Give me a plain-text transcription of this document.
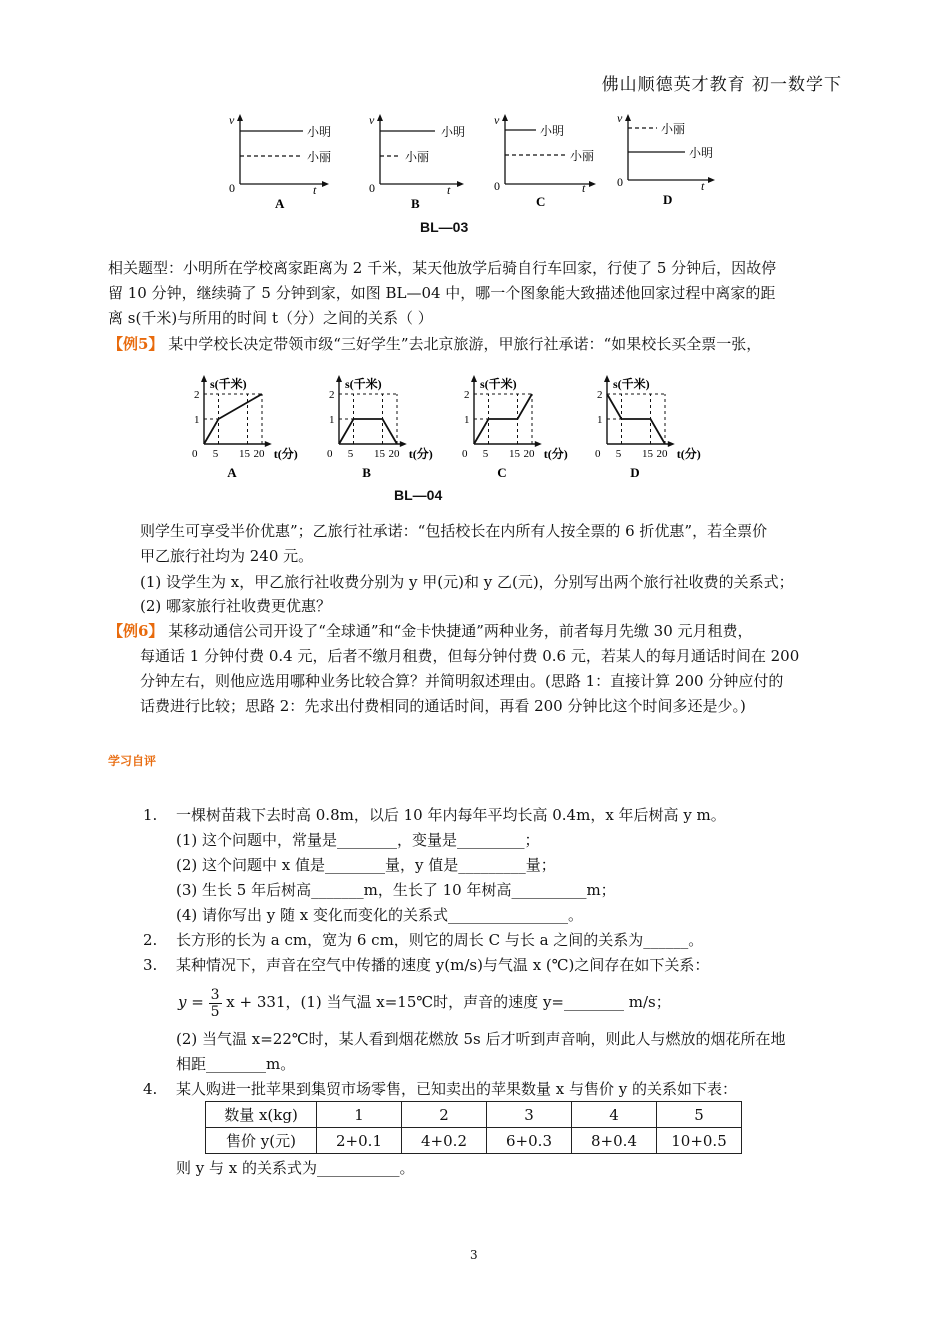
佛山顺德英才教育 初一数学下
v
0	t
小明
小丽
A
v
0	t
小明
小丽
B
v
0	t
小明
小丽
C
v
0	t
小丽
小明
D
BL—03
相关题型：小明所在学校离家距离为 2 千米，某天他放学后骑自行车回家，行使了 5 分钟后，因故停
留 10 分钟，继续骑了 5 分钟到家，如图 BL—04 中，哪一个图象能大致描述他回家过程中离家的距
离 s(千米)与所用的时间 t（分）之间的关系（ ）
【例5】 某中学校长决定带领市级“三好学生”去北京旅游，甲旅行社承诺：“如果校长买全票一张，
s(千米)
2
1
0 5 15 20 t(分)
A
s(千米)
2
1
0 5 15 20 t(分)
B
s(千米)
2
1
0 5 15 20 t(分)
C
s(千米)
2
1
0 5 15 20 t(分)
D
BL—04
则学生可享受半价优惠”；乙旅行社承诺：“包括校长在内所有人按全票的 6 折优惠”，若全票价
甲乙旅行社均为 240 元。
(1) 设学生为 x，甲乙旅行社收费分别为 y 甲(元)和 y 乙(元)，分别写出两个旅行社收费的关系式；
(2) 哪家旅行社收费更优惠？
【例6】 某移动通信公司开设了“全球通”和“金卡快捷通”两种业务，前者每月先缴 30 元月租费，
每通话 1 分钟付费 0.4 元，后者不缴月租费，但每分钟付费 0.6 元，若某人的每月通话时间在 200
分钟左右，则他应选用哪种业务比较合算？并简明叙述理由。(思路 1：直接计算 200 分钟应付的
话费进行比较；思路 2：先求出付费相同的通话时间，再看 200 分钟比这个时间多还是少。)
学习自评
1. 一棵树苗栽下去时高 0.8m，以后 10 年内每年平均长高 0.4m，x 年后树高 y m。
(1) 这个问题中，常量是________，变量是_________；
(2) 这个问题中 x 值是________量，y 值是_________量；
(3) 生长 5 年后树高_______m，生长了 10 年树高__________m；
(4) 请你写出 y 随 x 变化而变化的关系式________________。
2. 长方形的长为 a cm，宽为 6 cm，则它的周长 C 与长 a 之间的关系为______。
3. 某种情况下，声音在空气中传播的速度 y(m/s)与气温 x (℃)之间存在如下关系：
$y = \frac{3}{5}$ x + 331，(1) 当气温 x=15℃时，声音的速度 y=________ m/s；
(2) 当气温 x=22℃时，某人看到烟花燃放 5s 后才听到声音响，则此人与燃放的烟花所在地
相距________m。
4. 某人购进一批苹果到集贸市场零售，已知卖出的苹果数量 x 与售价 y 的关系如下表：
数量 x(kg)	1	2	3	4	5
售价 y(元)	2+0.1	4+0.2	6+0.3	8+0.4	10+0.5
则 y 与 x 的关系式为___________。
3
